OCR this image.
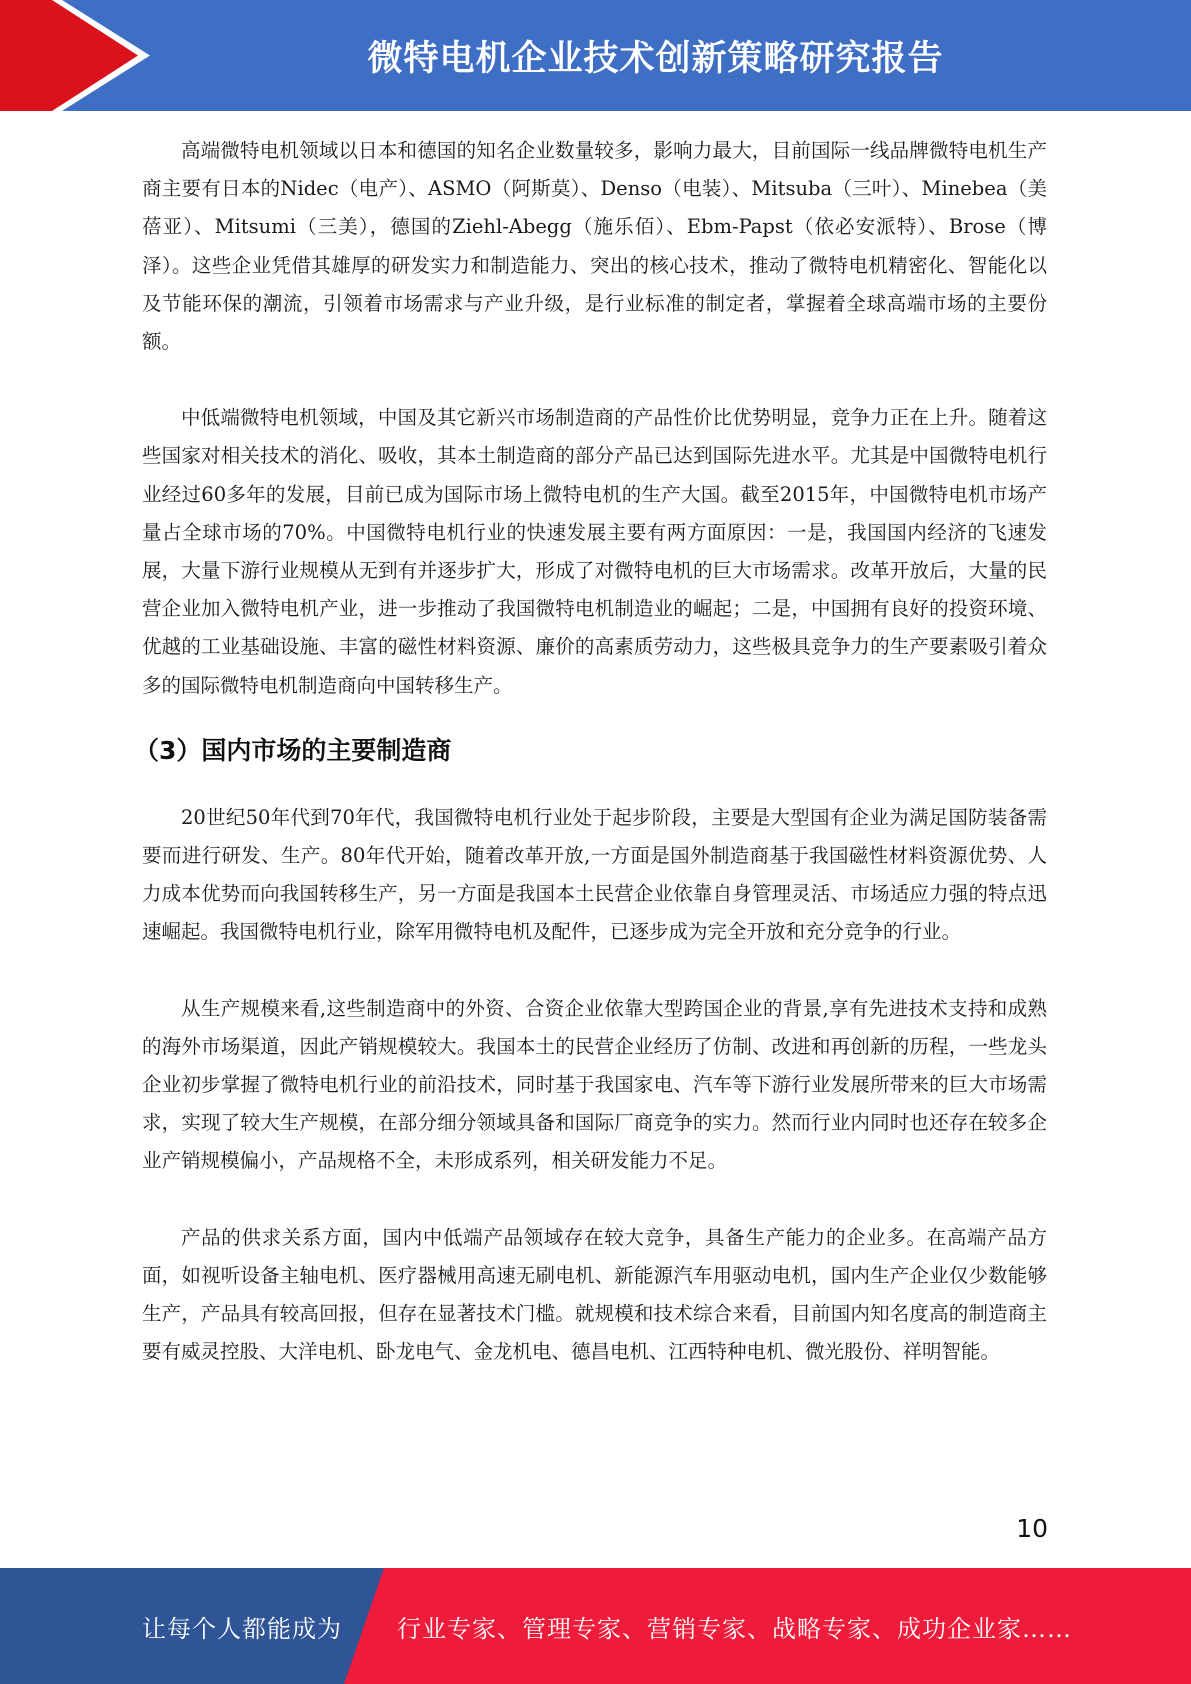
微特电机企业技术创新策略研究报告

高端微特电机领域以日本和德国的知名企业数量较多，影响力最大，目前国际一线品牌微特电机生产商主要有日本的Nidec（电产）、ASMO（阿斯莫）、Denso（电装）、Mitsuba（三叶）、Minebea（美蓓亚）、Mitsumi（三美），德国的Ziehl-Abegg（施乐佰）、Ebm-Papst（依必安派特）、Brose（博泽）。这些企业凭借其雄厚的研发实力和制造能力、突出的核心技术，推动了微特电机精密化、智能化以及节能环保的潮流，引领着市场需求与产业升级，是行业标准的制定者，掌握着全球高端市场的主要份额。

中低端微特电机领域，中国及其它新兴市场制造商的产品性价比优势明显，竞争力正在上升。随着这些国家对相关技术的消化、吸收，其本土制造商的部分产品已达到国际先进水平。尤其是中国微特电机行业经过60多年的发展，目前已成为国际市场上微特电机的生产大国。截至2015年，中国微特电机市场产量占全球市场的70%。中国微特电机行业的快速发展主要有两方面原因：一是，我国国内经济的飞速发展，大量下游行业规模从无到有并逐步扩大，形成了对微特电机的巨大市场需求。改革开放后，大量的民营企业加入微特电机产业，进一步推动了我国微特电机制造业的崛起；二是，中国拥有良好的投资环境、优越的工业基础设施、丰富的磁性材料资源、廉价的高素质劳动力，这些极具竞争力的生产要素吸引着众多的国际微特电机制造商向中国转移生产。

（3）国内市场的主要制造商

20世纪50年代到70年代，我国微特电机行业处于起步阶段，主要是大型国有企业为满足国防装备需要而进行研发、生产。80年代开始，随着改革开放,一方面是国外制造商基于我国磁性材料资源优势、人力成本优势而向我国转移生产，另一方面是我国本土民营企业依靠自身管理灵活、市场适应力强的特点迅速崛起。我国微特电机行业，除军用微特电机及配件，已逐步成为完全开放和充分竞争的行业。

从生产规模来看,这些制造商中的外资、合资企业依靠大型跨国企业的背景,享有先进技术支持和成熟的海外市场渠道，因此产销规模较大。我国本土的民营企业经历了仿制、改进和再创新的历程，一些龙头企业初步掌握了微特电机行业的前沿技术，同时基于我国家电、汽车等下游行业发展所带来的巨大市场需求，实现了较大生产规模，在部分细分领域具备和国际厂商竞争的实力。然而行业内同时也还存在较多企业产销规模偏小，产品规格不全，未形成系列，相关研发能力不足。

产品的供求关系方面，国内中低端产品领域存在较大竞争，具备生产能力的企业多。在高端产品方面，如视听设备主轴电机、医疗器械用高速无刷电机、新能源汽车用驱动电机，国内生产企业仅少数能够生产，产品具有较高回报，但存在显著技术门槛。就规模和技术综合来看，目前国内知名度高的制造商主要有威灵控股、大洋电机、卧龙电气、金龙机电、德昌电机、江西特种电机、微光股份、祥明智能。

10
让每个人都能成为 行业专家、管理专家、营销专家、战略专家、成功企业家……
